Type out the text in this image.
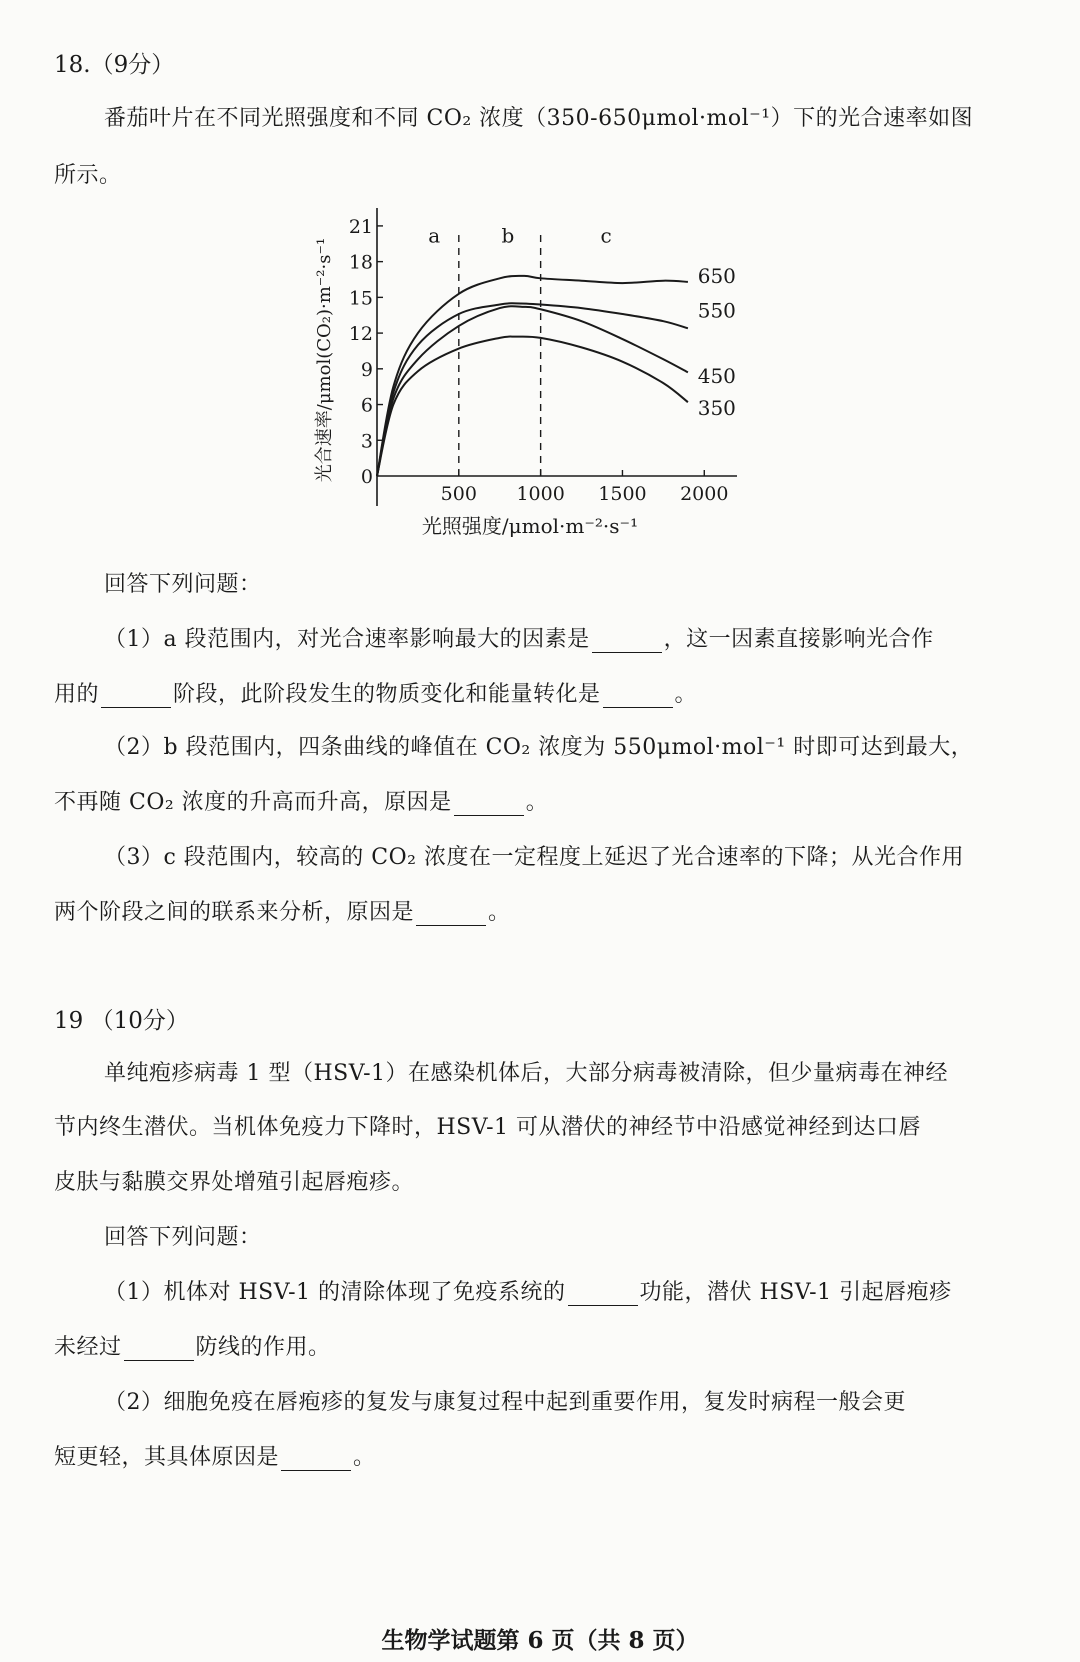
18.（9分）
番茄叶片在不同光照强度和不同 CO₂ 浓度（350-650μmol·mol⁻¹）下的光合速率如图
所示。
0
3
6
9
12
15
18
21
500 1000 1500 2000
a	b	c
650
550
450
350
光照强度/μmol·m⁻²·s⁻¹
光合速率/μmol(CO₂)·m⁻²·s⁻¹
回答下列问题：
（1）a 段范围内，对光合速率影响最大的因素是	，这一因素直接影响光合作
用的	阶段，此阶段发生的物质变化和能量转化是	。
（2）b 段范围内，四条曲线的峰值在 CO₂ 浓度为 550μmol·mol⁻¹ 时即可达到最大，
不再随 CO₂ 浓度的升高而升高，原因是	。
（3）c 段范围内，较高的 CO₂ 浓度在一定程度上延迟了光合速率的下降；从光合作用
两个阶段之间的联系来分析，原因是	。
19 （10分）
单纯疱疹病毒 1 型（HSV-1）在感染机体后，大部分病毒被清除，但少量病毒在神经
节内终生潜伏。当机体免疫力下降时，HSV-1 可从潜伏的神经节中沿感觉神经到达口唇
皮肤与黏膜交界处增殖引起唇疱疹。
回答下列问题：
（1）机体对 HSV-1 的清除体现了免疫系统的	功能，潜伏 HSV-1 引起唇疱疹
未经过	防线的作用。
（2）细胞免疫在唇疱疹的复发与康复过程中起到重要作用，复发时病程一般会更
短更轻，其具体原因是	。
生物学试题第 6 页（共 8 页）
